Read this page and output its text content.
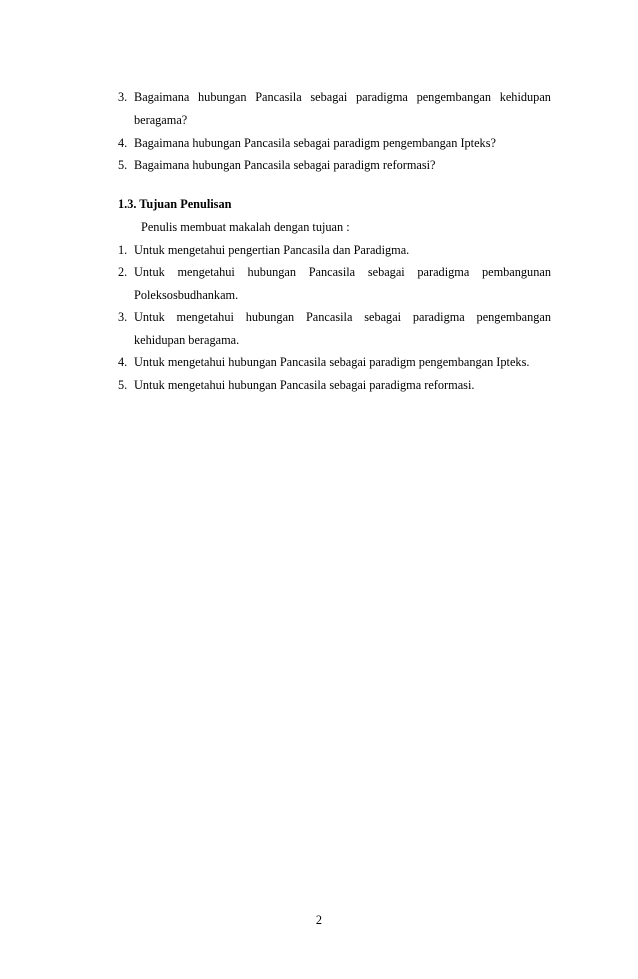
3. Bagaimana hubungan Pancasila sebagai paradigma pengembangan kehidupan
beragama?
4. Bagaimana hubungan Pancasila sebagai paradigm pengembangan Ipteks?
5. Bagaimana hubungan Pancasila sebagai paradigm reformasi?
1.3. Tujuan Penulisan
Penulis membuat makalah dengan tujuan :
1. Untuk mengetahui pengertian Pancasila dan Paradigma.
2. Untuk mengetahui hubungan Pancasila sebagai paradigma pembangunan
Poleksosbudhankam.
3. Untuk mengetahui hubungan Pancasila sebagai paradigma pengembangan
kehidupan beragama.
4. Untuk mengetahui hubungan Pancasila sebagai paradigm pengembangan Ipteks.
5. Untuk mengetahui hubungan Pancasila sebagai paradigma reformasi.
2
